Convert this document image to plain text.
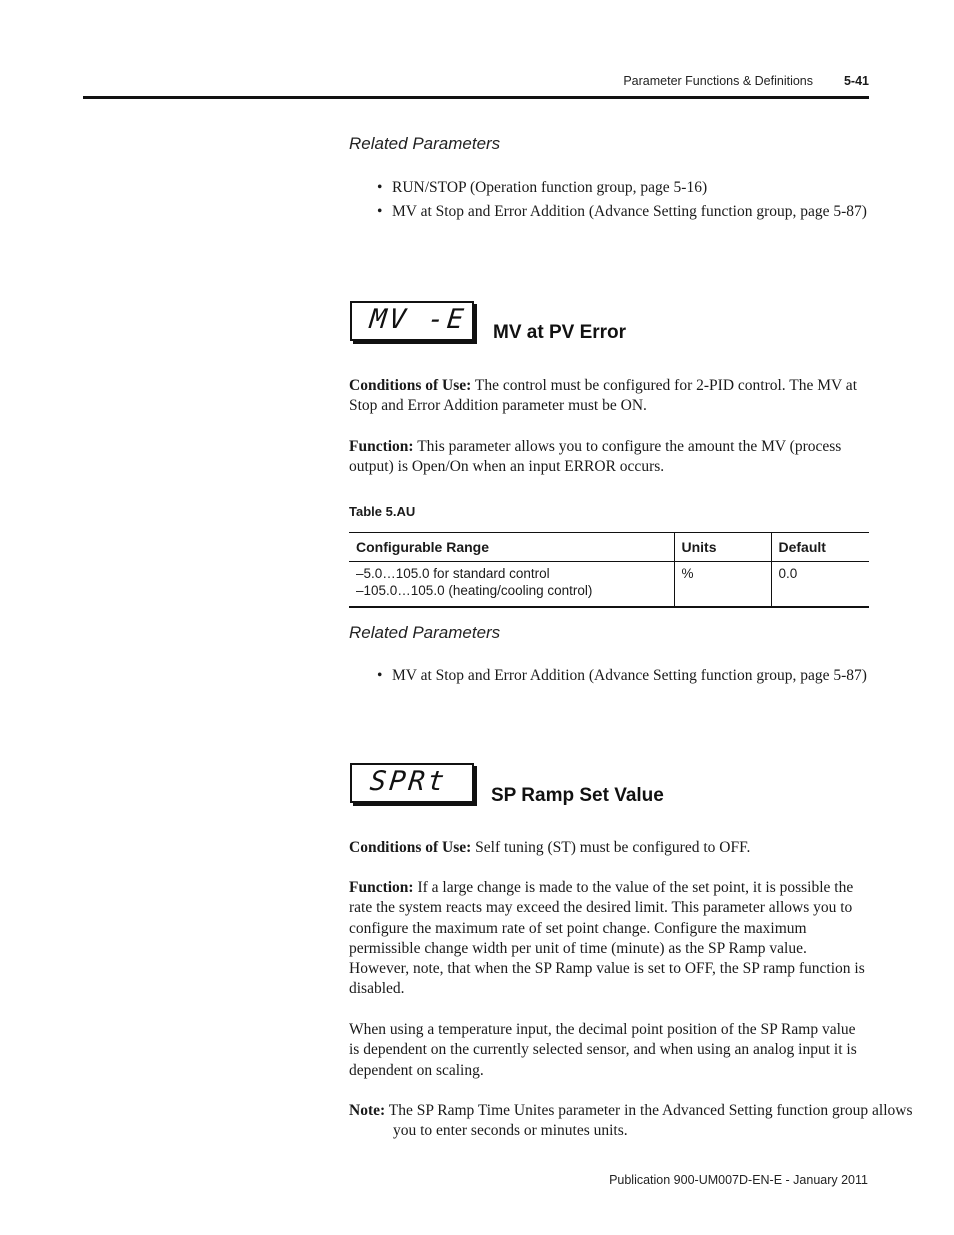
Parameter Functions & Definitions 5-41
Related Parameters
• RUN/STOP (Operation function group, page 5-16)
• MV at Stop and Error Addition (Advance Setting function group, page 5-87)
MV -E MV at PV Error

Conditions of Use: The control must be configured for 2-PID control. The MV at Stop and Error Addition parameter must be ON.

Function: This parameter allows you to configure the amount the MV (process output) is Open/On when an input ERROR occurs.

Table 5.AU
Configurable Range	Units	Default

–5.0…105.0 for standard control
–105.0…105.0 (heating/cooling control)	%	0.0
Related Parameters
• MV at Stop and Error Addition (Advance Setting function group, page 5-87)
SPRt SP Ramp Set Value

Conditions of Use: Self tuning (ST) must be configured to OFF.

Function: If a large change is made to the value of the set point, it is possible the rate the system reacts may exceed the desired limit. This parameter allows you to configure the maximum rate of set point change. Configure the maximum permissible change width per unit of time (minute) as the SP Ramp value. However, note, that when the SP Ramp value is set to OFF, the SP ramp function is disabled.

When using a temperature input, the decimal point position of the SP Ramp value is dependent on the currently selected sensor, and when using an analog input it is dependent on scaling.

Note: The SP Ramp Time Unites parameter in the Advanced Setting function group allows you to enter seconds or minutes units.

Publication 900-UM007D-EN-E - January 2011
